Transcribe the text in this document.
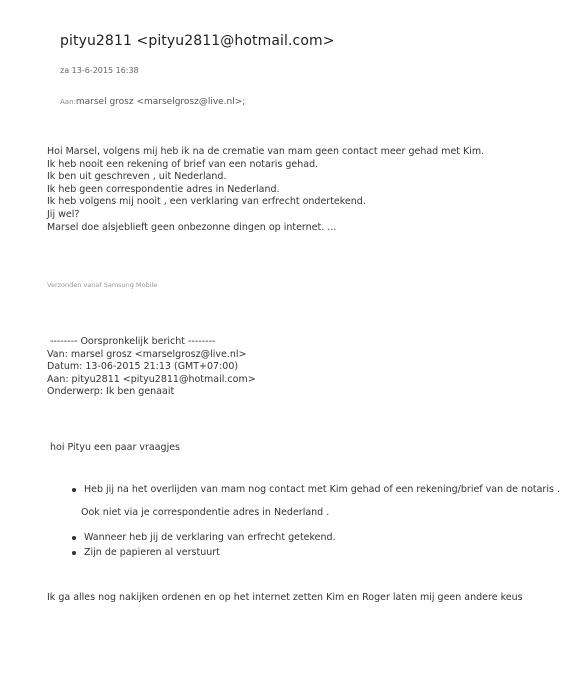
pityu2811 <pityu2811@hotmail.com>
za 13-6-2015 16:38
Aan:marsel grosz <marselgrosz@live.nl>;
Hoi Marsel, volgens mij heb ik na de crematie van mam geen contact meer gehad met Kim.
Ik heb nooit een rekening of brief van een notaris gehad.
Ik ben uit geschreven , uit Nederland.
Ik heb geen correspondentie adres in Nederland.
Ik heb volgens mij nooit , een verklaring van erfrecht ondertekend.
Jij wel?
Marsel doe alsjeblieft geen onbezonne dingen op internet. ...
Verzonden vanaf Samsung Mobile
-------- Oorspronkelijk bericht --------
Van: marsel grosz <marselgrosz@live.nl>
Datum: 13-06-2015 21:13 (GMT+07:00)
Aan: pityu2811 <pityu2811@hotmail.com>
Onderwerp: Ik ben genaait
hoi Pityu een paar vraagjes
Heb jij na het overlijden van mam nog contact met Kim gehad of een rekening/brief van de notaris .
Ook niet via je correspondentie adres in Nederland .
Wanneer heb jij de verklaring van erfrecht getekend.
Zijn de papieren al verstuurt
Ik ga alles nog nakijken ordenen en op het internet zetten Kim en Roger laten mij geen andere keus
